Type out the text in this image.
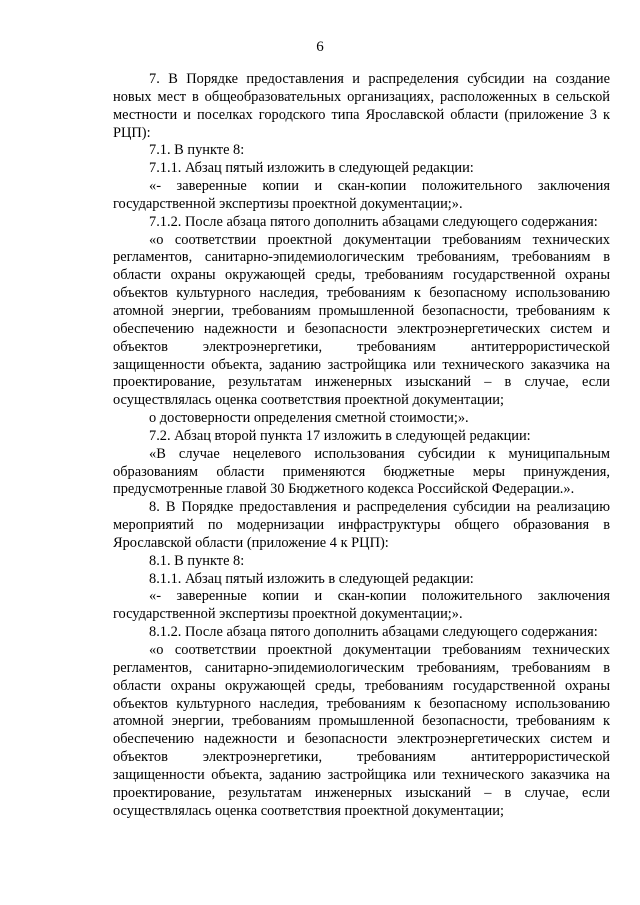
6

7. В Порядке предоставления и распределения субсидии на создание новых мест в общеобразовательных организациях, расположенных в сельской местности и поселках городского типа Ярославской области (приложение 3 к РЦП):

7.1. В пункте 8:

7.1.1. Абзац пятый изложить в следующей редакции:

«- заверенные копии и скан-копии положительного заключения государственной экспертизы проектной документации;».

7.1.2. После абзаца пятого дополнить абзацами следующего содержания:

«о соответствии проектной документации требованиям технических регламентов, санитарно-эпидемиологическим требованиям, требованиям в области охраны окружающей среды, требованиям государственной охраны объектов культурного наследия, требованиям к безопасному использованию атомной энергии, требованиям промышленной безопасности, требованиям к обеспечению надежности и безопасности электроэнергетических систем и объектов электроэнергетики, требованиям антитеррористической защищенности объекта, заданию застройщика или технического заказчика на проектирование, результатам инженерных изысканий – в случае, если осуществлялась оценка соответствия проектной документации;

о достоверности определения сметной стоимости;».

7.2. Абзац второй пункта 17 изложить в следующей редакции:

«В случае нецелевого использования субсидии к муниципальным образованиям области применяются бюджетные меры принуждения, предусмотренные главой 30 Бюджетного кодекса Российской Федерации.».

8. В Порядке предоставления и распределения субсидии на реализацию мероприятий по модернизации инфраструктуры общего образования в Ярославской области (приложение 4 к РЦП):

8.1. В пункте 8:

8.1.1. Абзац пятый изложить в следующей редакции:

«- заверенные копии и скан-копии положительного заключения государственной экспертизы проектной документации;».

8.1.2. После абзаца пятого дополнить абзацами следующего содержания:

«о соответствии проектной документации требованиям технических регламентов, санитарно-эпидемиологическим требованиям, требованиям в области охраны окружающей среды, требованиям государственной охраны объектов культурного наследия, требованиям к безопасному использованию атомной энергии, требованиям промышленной безопасности, требованиям к обеспечению надежности и безопасности электроэнергетических систем и объектов электроэнергетики, требованиям антитеррористической защищенности объекта, заданию застройщика или технического заказчика на проектирование, результатам инженерных изысканий – в случае, если осуществлялась оценка соответствия проектной документации;
